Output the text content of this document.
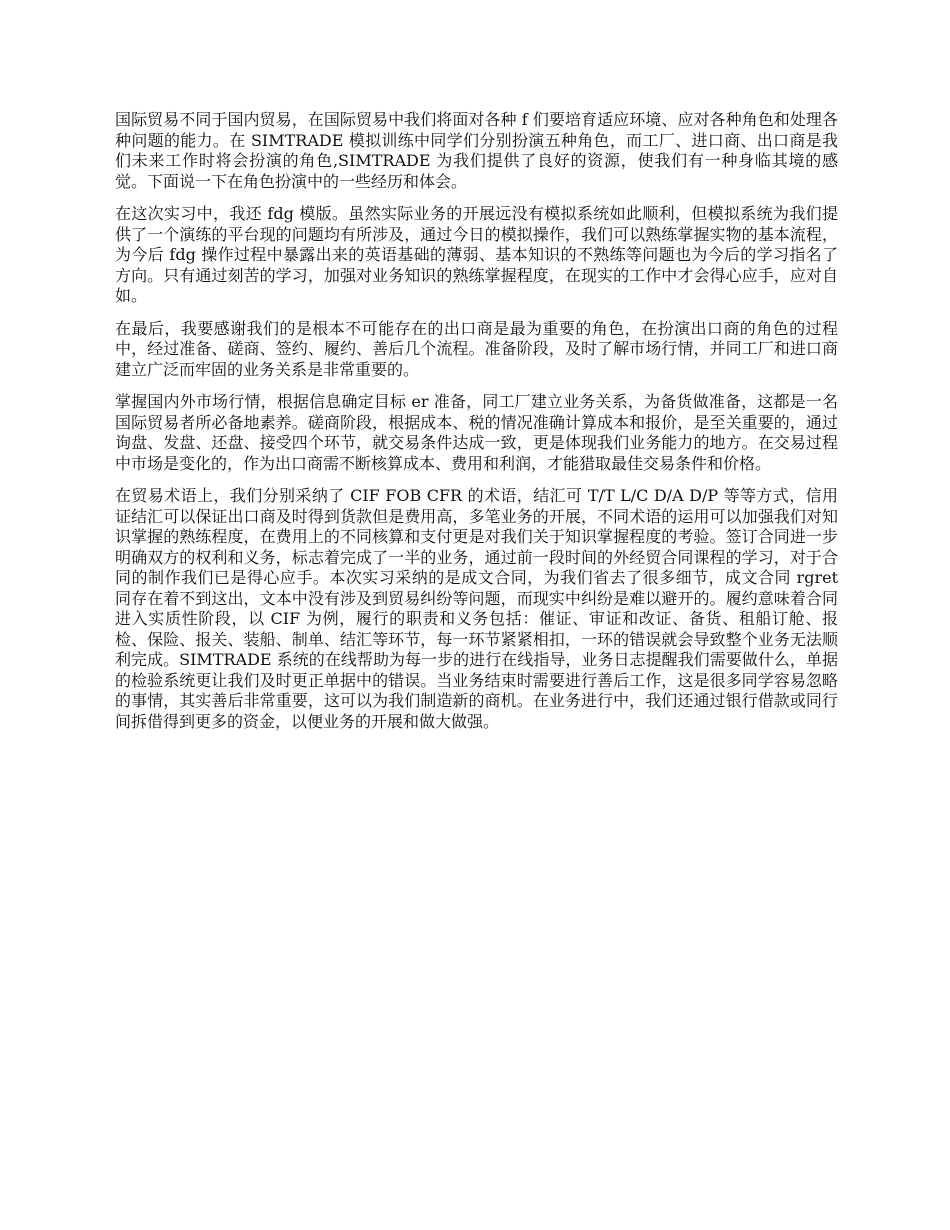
国际贸易不同于国内贸易，在国际贸易中我们将面对各种 f 们要培育适应环境、应对各种角色和处理各种问题的能力。在 SIMTRADE 模拟训练中同学们分别扮演五种角色，而工厂、进口商、出口商是我们未来工作时将会扮演的角色,SIMTRADE 为我们提供了良好的资源，使我们有一种身临其境的感觉。下面说一下在角色扮演中的一些经历和体会。

在这次实习中，我还 fdg 模版。虽然实际业务的开展远没有模拟系统如此顺利，但模拟系统为我们提供了一个演练的平台现的问题均有所涉及，通过今日的模拟操作，我们可以熟练掌握实物的基本流程，为今后 fdg 操作过程中暴露出来的英语基础的薄弱、基本知识的不熟练等问题也为今后的学习指名了方向。只有通过刻苦的学习，加强对业务知识的熟练掌握程度，在现实的工作中才会得心应手，应对自如。

在最后，我要感谢我们的是根本不可能存在的出口商是最为重要的角色，在扮演出口商的角色的过程中，经过准备、磋商、签约、履约、善后几个流程。准备阶段，及时了解市场行情，并同工厂和进口商建立广泛而牢固的业务关系是非常重要的。

掌握国内外市场行情，根据信息确定目标 er 准备，同工厂建立业务关系，为备货做准备，这都是一名国际贸易者所必备地素养。磋商阶段，根据成本、税的情况准确计算成本和报价，是至关重要的，通过询盘、发盘、还盘、接受四个环节，就交易条件达成一致，更是体现我们业务能力的地方。在交易过程中市场是变化的，作为出口商需不断核算成本、费用和利润，才能猎取最佳交易条件和价格。

在贸易术语上，我们分别采纳了 CIF FOB CFR 的术语，结汇可 T/T L/C D/A D/P 等等方式，信用证结汇可以保证出口商及时得到货款但是费用高，多笔业务的开展，不同术语的运用可以加强我们对知识掌握的熟练程度，在费用上的不同核算和支付更是对我们关于知识掌握程度的考验。签订合同进一步明确双方的权利和义务，标志着完成了一半的业务，通过前一段时间的外经贸合同课程的学习，对于合同的制作我们已是得心应手。本次实习采纳的是成文合同，为我们省去了很多细节，成文合同 rgret 同存在着不到这出，文本中没有涉及到贸易纠纷等问题，而现实中纠纷是难以避开的。履约意味着合同进入实质性阶段，以 CIF 为例，履行的职责和义务包括：催证、审证和改证、备货、租船订舱、报检、保险、报关、装船、制单、结汇等环节，每一环节紧紧相扣，一环的错误就会导致整个业务无法顺利完成。SIMTRADE 系统的在线帮助为每一步的进行在线指导，业务日志提醒我们需要做什么，单据的检验系统更让我们及时更正单据中的错误。当业务结束时需要进行善后工作，这是很多同学容易忽略的事情，其实善后非常重要，这可以为我们制造新的商机。在业务进行中，我们还通过银行借款或同行间拆借得到更多的资金，以便业务的开展和做大做强。
